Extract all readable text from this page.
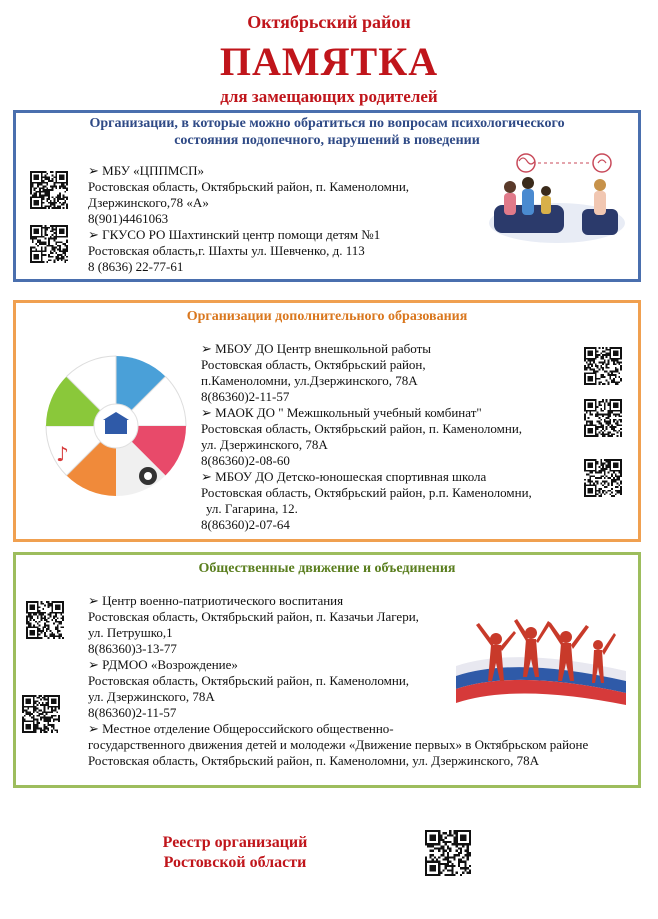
Октябрьский район
ПАМЯТКА
для замещающих родителей
Организации, в которые можно обратиться по вопросам психологического
состояния подопечного, нарушений в поведении
➢ МБУ «ЦППМСП»
Ростовская область, Октябрьский район, п. Каменоломни,
Дзержинского,78 «А»
8(901)4461063
➢ ГКУСО РО Шахтинский центр помощи детям №1
Ростовская область,г. Шахты ул. Шевченко, д. 113
8 (8636) 22-77-61
Организации дополнительного образования
♪
➢ МБОУ ДО Центр внешкольной работы
Ростовская область, Октябрьский район,
п.Каменоломни, ул.Дзержинского, 78А
8(86360)2-11-57
➢ МАОК ДО " Межшкольный учебный комбинат"
Ростовская область, Октябрьский район, п. Каменоломни,
ул. Дзержинского, 78А
8(86360)2-08-60
➢ МБОУ ДО Детско-юношеская спортивная школа
Ростовская область, Октябрьский район, р.п. Каменоломни,
ул. Гагарина, 12.
8(86360)2-07-64
Общественные движение и объединения
➢ Центр военно-патриотического воспитания
Ростовская область, Октябрьский район, п. Казачьи Лагери,
ул. Петрушко,1
8(86360)3-13-77
➢ РДМОО «Возрождение»
Ростовская область, Октябрьский район, п. Каменоломни,
ул. Дзержинского, 78А
8(86360)2-11-57
➢ Местное отделение Общероссийского общественно-
государственного движения детей и молодежи «Движение первых» в Октябрьском районе
Ростовская область, Октябрьский район, п. Каменоломни, ул. Дзержинского, 78А
Реестр организаций
Ростовской области
